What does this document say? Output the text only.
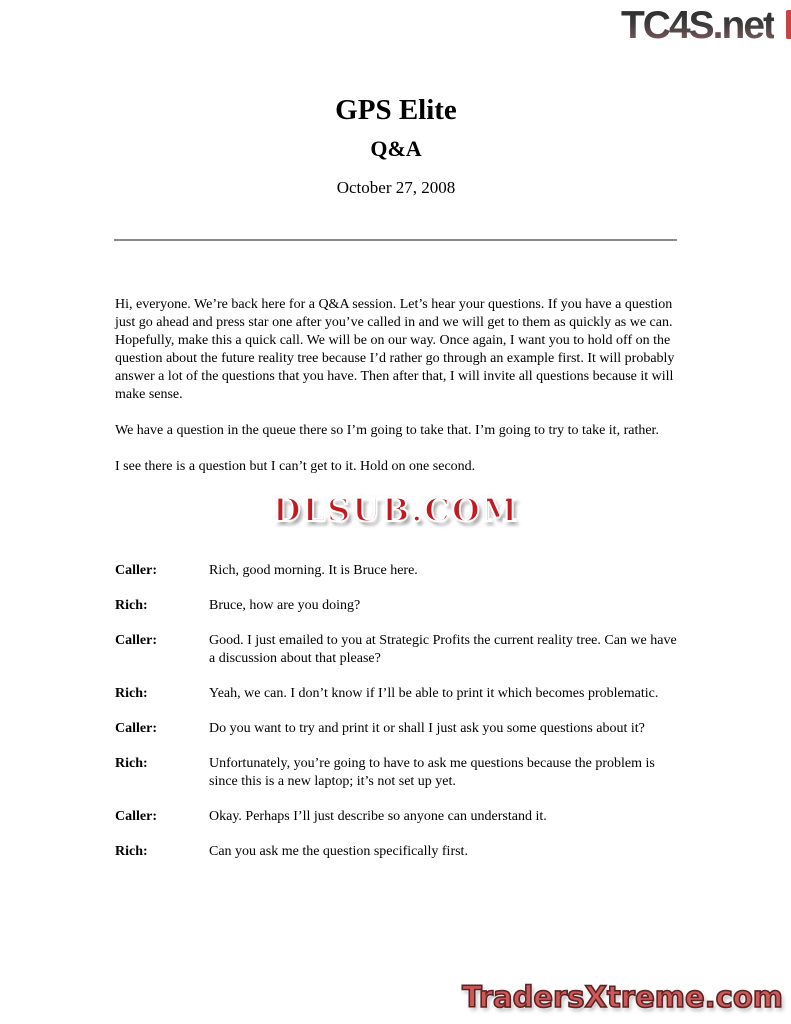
TC4S.net
GPS Elite
Q&A
October 27, 2008

Hi, everyone. We’re back here for a Q&A session. Let’s hear your questions. If you have a question just go ahead and press star one after you’ve called in and we will get to them as quickly as we can. Hopefully, make this a quick call. We will be on our way. Once again, I want you to hold off on the question about the future reality tree because I’d rather go through an example first. It will probably answer a lot of the questions that you have. Then after that, I will invite all questions because it will make sense.

We have a question in the queue there so I’m going to take that. I’m going to try to take it, rather.

I see there is a question but I can’t get to it. Hold on one second.

DLSUB.COM
Caller:	Rich, good morning. It is Bruce here.
Rich:	Bruce, how are you doing?
Caller:	Good. I just emailed to you at Strategic Profits the current reality tree. Can we have a discussion about that please?
Rich:	Yeah, we can. I don’t know if I’ll be able to print it which becomes problematic.
Caller:	Do you want to try and print it or shall I just ask you some questions about it?
Rich:	Unfortunately, you’re going to have to ask me questions because the problem is since this is a new laptop; it’s not set up yet.
Caller:	Okay. Perhaps I’ll just describe so anyone can understand it.
Rich:	Can you ask me the question specifically first.
TradersXtreme.com
